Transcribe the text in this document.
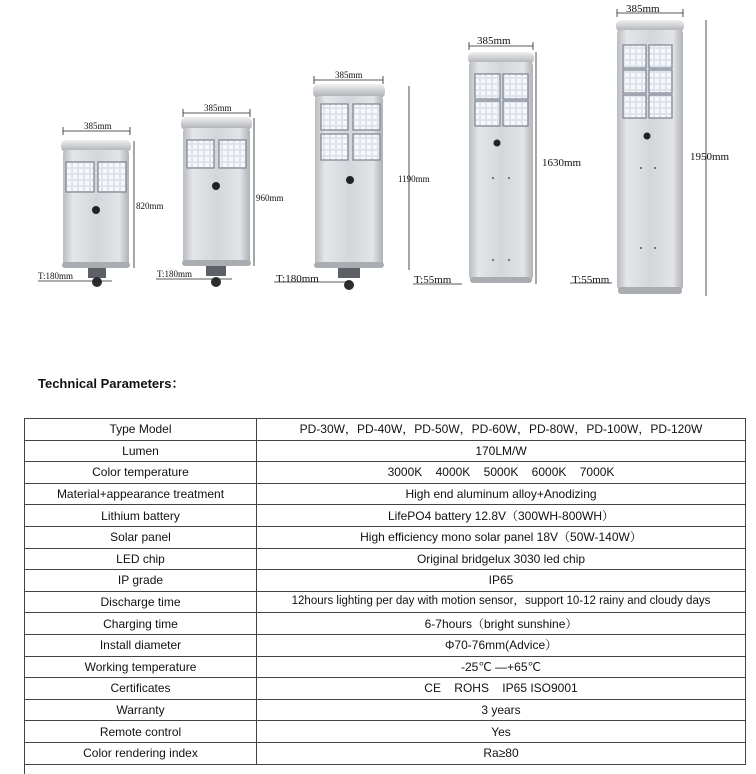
385mm
820mm
T:180mm
385mm
960mm
T:180mm
385mm
1190mm
T:180mm
385mm
1630mm
T:55mm
385mm
1950mm
T:55mm
Technical Parameters：
Type Model	PD-30W，PD-40W，PD-50W，PD-60W，PD-80W，PD-100W，PD-120W
Lumen	170LM/W
Color temperature	3000K    4000K    5000K    6000K    7000K
Material+appearance treatment	High end aluminum alloy+Anodizing
Lithium battery	LifePO4 battery 12.8V（300WH-800WH）
Solar panel	High efficiency mono solar panel 18V（50W-140W）
LED chip	Original bridgelux 3030 led chip
IP grade	IP65
Discharge time	12hours lighting per day with motion sensor，support 10-12 rainy and cloudy days
Charging time	6-7hours（bright sunshine）
Install diameter	Φ70-76mm(Advice）
Working temperature	-25℃ —+65℃
Certificates	CE    ROHS    IP65 ISO9001
Warranty	3 years
Remote control	Yes
Color rendering index	Ra≥80
